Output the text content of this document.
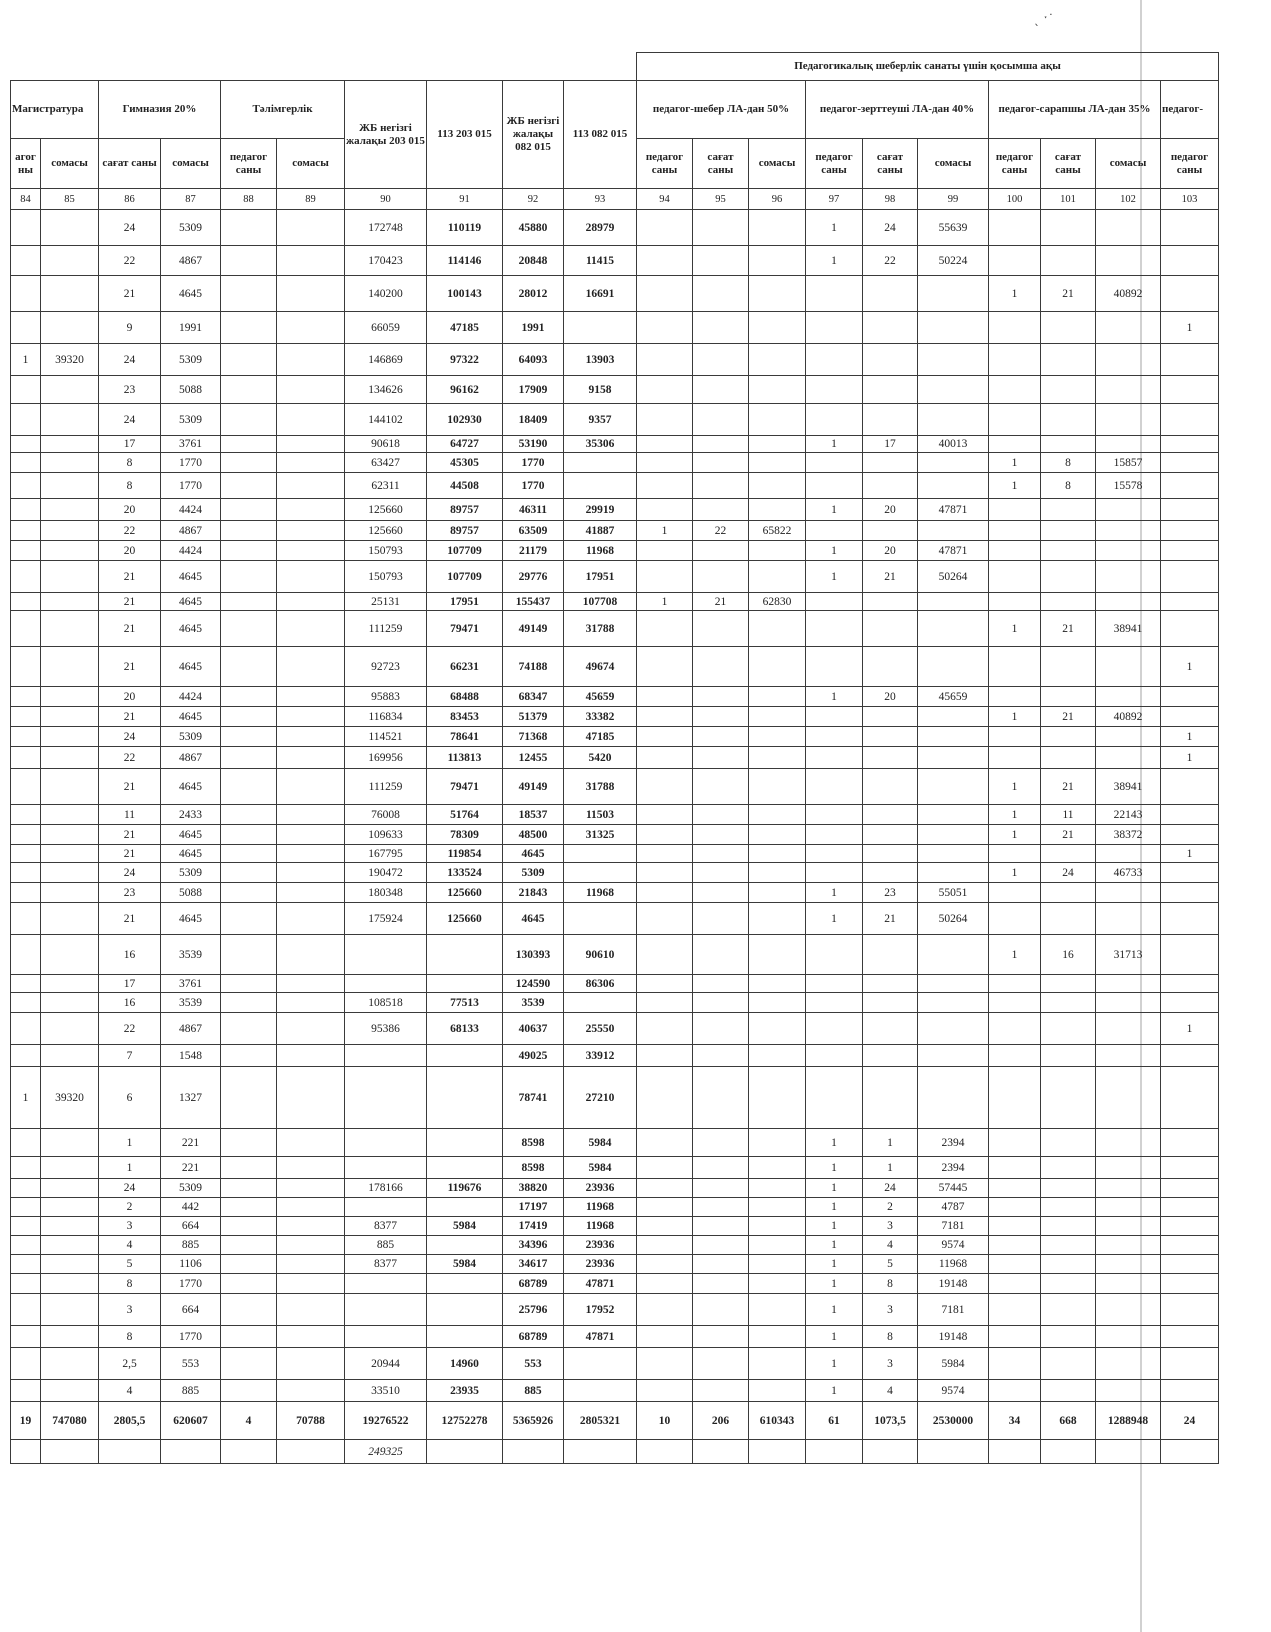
ˎ ˑ˙
										Педагогикалық шеберлік санаты үшін қосымша ақы									
Магистратура		Гимназия 20%		Тәлімгерлік		ЖБ негізгі жалақы 203 015	113 203 015	ЖБ негізгі жалақы 082 015	113 082 015	педагог-шебер ЛА-дан 50%			педагог-зерттеуші ЛА-дан 40%			педагог-сарапшы ЛА-дан 35%			педагог-
агог ны	сомасы	сағат саны	сомасы	педагог саны	сомасы					педагог саны	сағат саны	сомасы	педагог саны	сағат саны	сомасы	педагог саны	сағат саны	сомасы	педагог саны
84	85	86	87	88	89	90	91	92	93	94	95	96	97	98	99	100	101	102	103
		24	5309			172748	110119	45880	28979				1	24	55639				
		22	4867			170423	114146	20848	11415				1	22	50224				
		21	4645			140200	100143	28012	16691							1	21	40892	
		9	1991			66059	47185	1991											1
1	39320	24	5309			146869	97322	64093	13903										
		23	5088			134626	96162	17909	9158										
		24	5309			144102	102930	18409	9357										
		17	3761			90618	64727	53190	35306				1	17	40013				
		8	1770			63427	45305	1770								1	8	15857	
		8	1770			62311	44508	1770								1	8	15578	
		20	4424			125660	89757	46311	29919				1	20	47871				
		22	4867			125660	89757	63509	41887	1	22	65822							
		20	4424			150793	107709	21179	11968				1	20	47871				
		21	4645			150793	107709	29776	17951				1	21	50264				
		21	4645			25131	17951	155437	107708	1	21	62830							
		21	4645			111259	79471	49149	31788							1	21	38941	
		21	4645			92723	66231	74188	49674										1
		20	4424			95883	68488	68347	45659				1	20	45659				
		21	4645			116834	83453	51379	33382							1	21	40892	
		24	5309			114521	78641	71368	47185										1
		22	4867			169956	113813	12455	5420										1
		21	4645			111259	79471	49149	31788							1	21	38941	
		11	2433			76008	51764	18537	11503							1	11	22143	
		21	4645			109633	78309	48500	31325							1	21	38372	
		21	4645			167795	119854	4645											1
		24	5309			190472	133524	5309								1	24	46733	
		23	5088			180348	125660	21843	11968				1	23	55051				
		21	4645			175924	125660	4645					1	21	50264				
		16	3539					130393	90610							1	16	31713	
		17	3761					124590	86306										
		16	3539			108518	77513	3539											
		22	4867			95386	68133	40637	25550										1
		7	1548					49025	33912										
1	39320	6	1327					78741	27210										
		1	221					8598	5984				1	1	2394				
		1	221					8598	5984				1	1	2394				
		24	5309			178166	119676	38820	23936				1	24	57445				
		2	442					17197	11968				1	2	4787				
		3	664			8377	5984	17419	11968				1	3	7181				
		4	885			885		34396	23936				1	4	9574				
		5	1106			8377	5984	34617	23936				1	5	11968				
		8	1770					68789	47871				1	8	19148				
		3	664					25796	17952				1	3	7181				
		8	1770					68789	47871				1	8	19148				
		2,5	553			20944	14960	553					1	3	5984				
		4	885			33510	23935	885					1	4	9574				
19	747080	2805,5	620607	4	70788	19276522	12752278	5365926	2805321	10	206	610343	61	1073,5	2530000	34	668	1288948	24
						249325													
